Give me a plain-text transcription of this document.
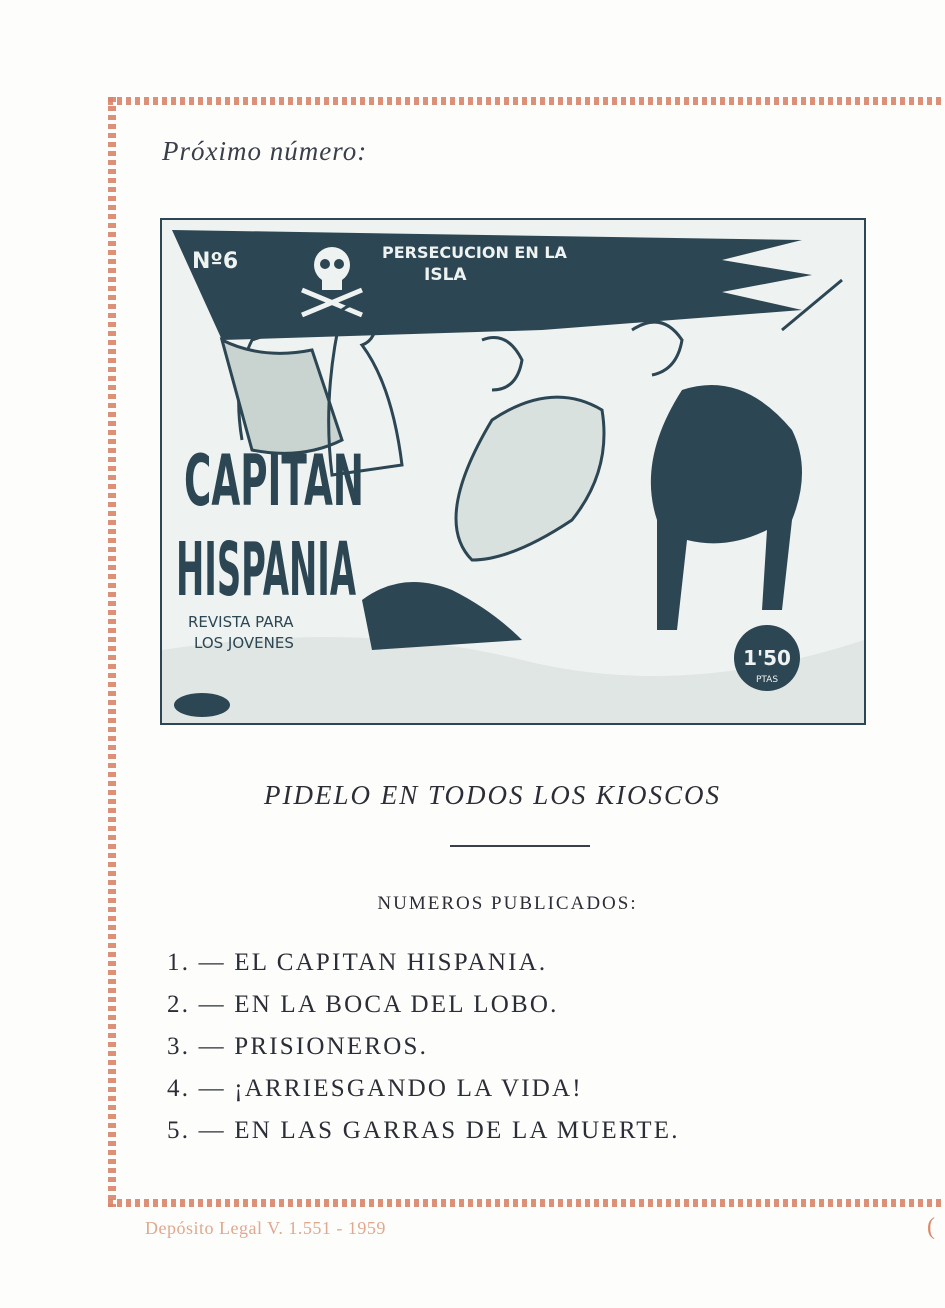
Próximo número:
Nº6	PERSECUCION EN LA
ISLA
CAPITAN
HISPANIA
REVISTA PARA
LOS JOVENES
1'50
PTAS

PIDELO EN TODOS LOS KIOSCOS

NUMEROS PUBLICADOS:

1. — EL CAPITAN HISPANIA.
2. — EN LA BOCA DEL LOBO.
3. — PRISIONEROS.
4. — ¡ARRIESGANDO LA VIDA!
5. — EN LAS GARRAS DE LA MUERTE.

Depósito Legal V. 1.551 - 1959	(
